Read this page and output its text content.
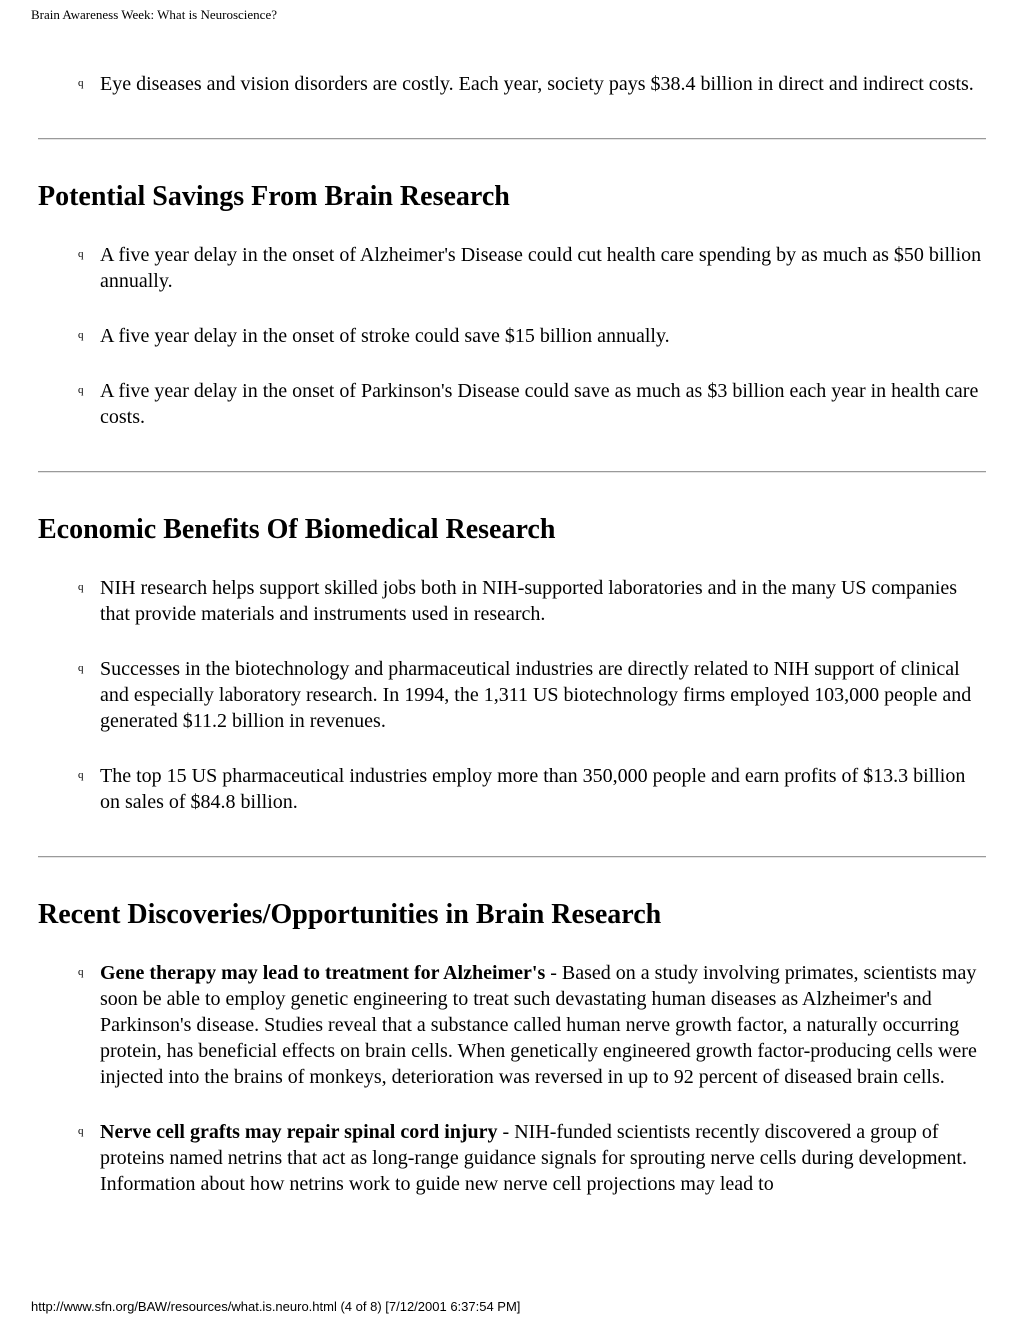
Brain Awareness Week: What is Neuroscience?
q Eye diseases and vision disorders are costly. Each year, society pays $38.4 billion in direct and indirect costs.
Potential Savings From Brain Research
q A five year delay in the onset of Alzheimer's Disease could cut health care spending by as much as $50 billion annually.
q A five year delay in the onset of stroke could save $15 billion annually.
q A five year delay in the onset of Parkinson's Disease could save as much as $3 billion each year in health care costs.
Economic Benefits Of Biomedical Research
q NIH research helps support skilled jobs both in NIH-supported laboratories and in the many US companies that provide materials and instruments used in research.
q Successes in the biotechnology and pharmaceutical industries are directly related to NIH support of clinical and especially laboratory research. In 1994, the 1,311 US biotechnology firms employed 103,000 people and generated $11.2 billion in revenues.
q The top 15 US pharmaceutical industries employ more than 350,000 people and earn profits of $13.3 billion on sales of $84.8 billion.
Recent Discoveries/Opportunities in Brain Research
q Gene therapy may lead to treatment for Alzheimer's - Based on a study involving primates, scientists may soon be able to employ genetic engineering to treat such devastating human diseases as Alzheimer's and Parkinson's disease. Studies reveal that a substance called human nerve growth factor, a naturally occurring protein, has beneficial effects on brain cells. When genetically engineered growth factor-producing cells were injected into the brains of monkeys, deterioration was reversed in up to 92 percent of diseased brain cells.
q Nerve cell grafts may repair spinal cord injury - NIH-funded scientists recently discovered a group of proteins named netrins that act as long-range guidance signals for sprouting nerve cells during development. Information about how netrins work to guide new nerve cell projections may lead to
http://www.sfn.org/BAW/resources/what.is.neuro.html (4 of 8) [7/12/2001 6:37:54 PM]
